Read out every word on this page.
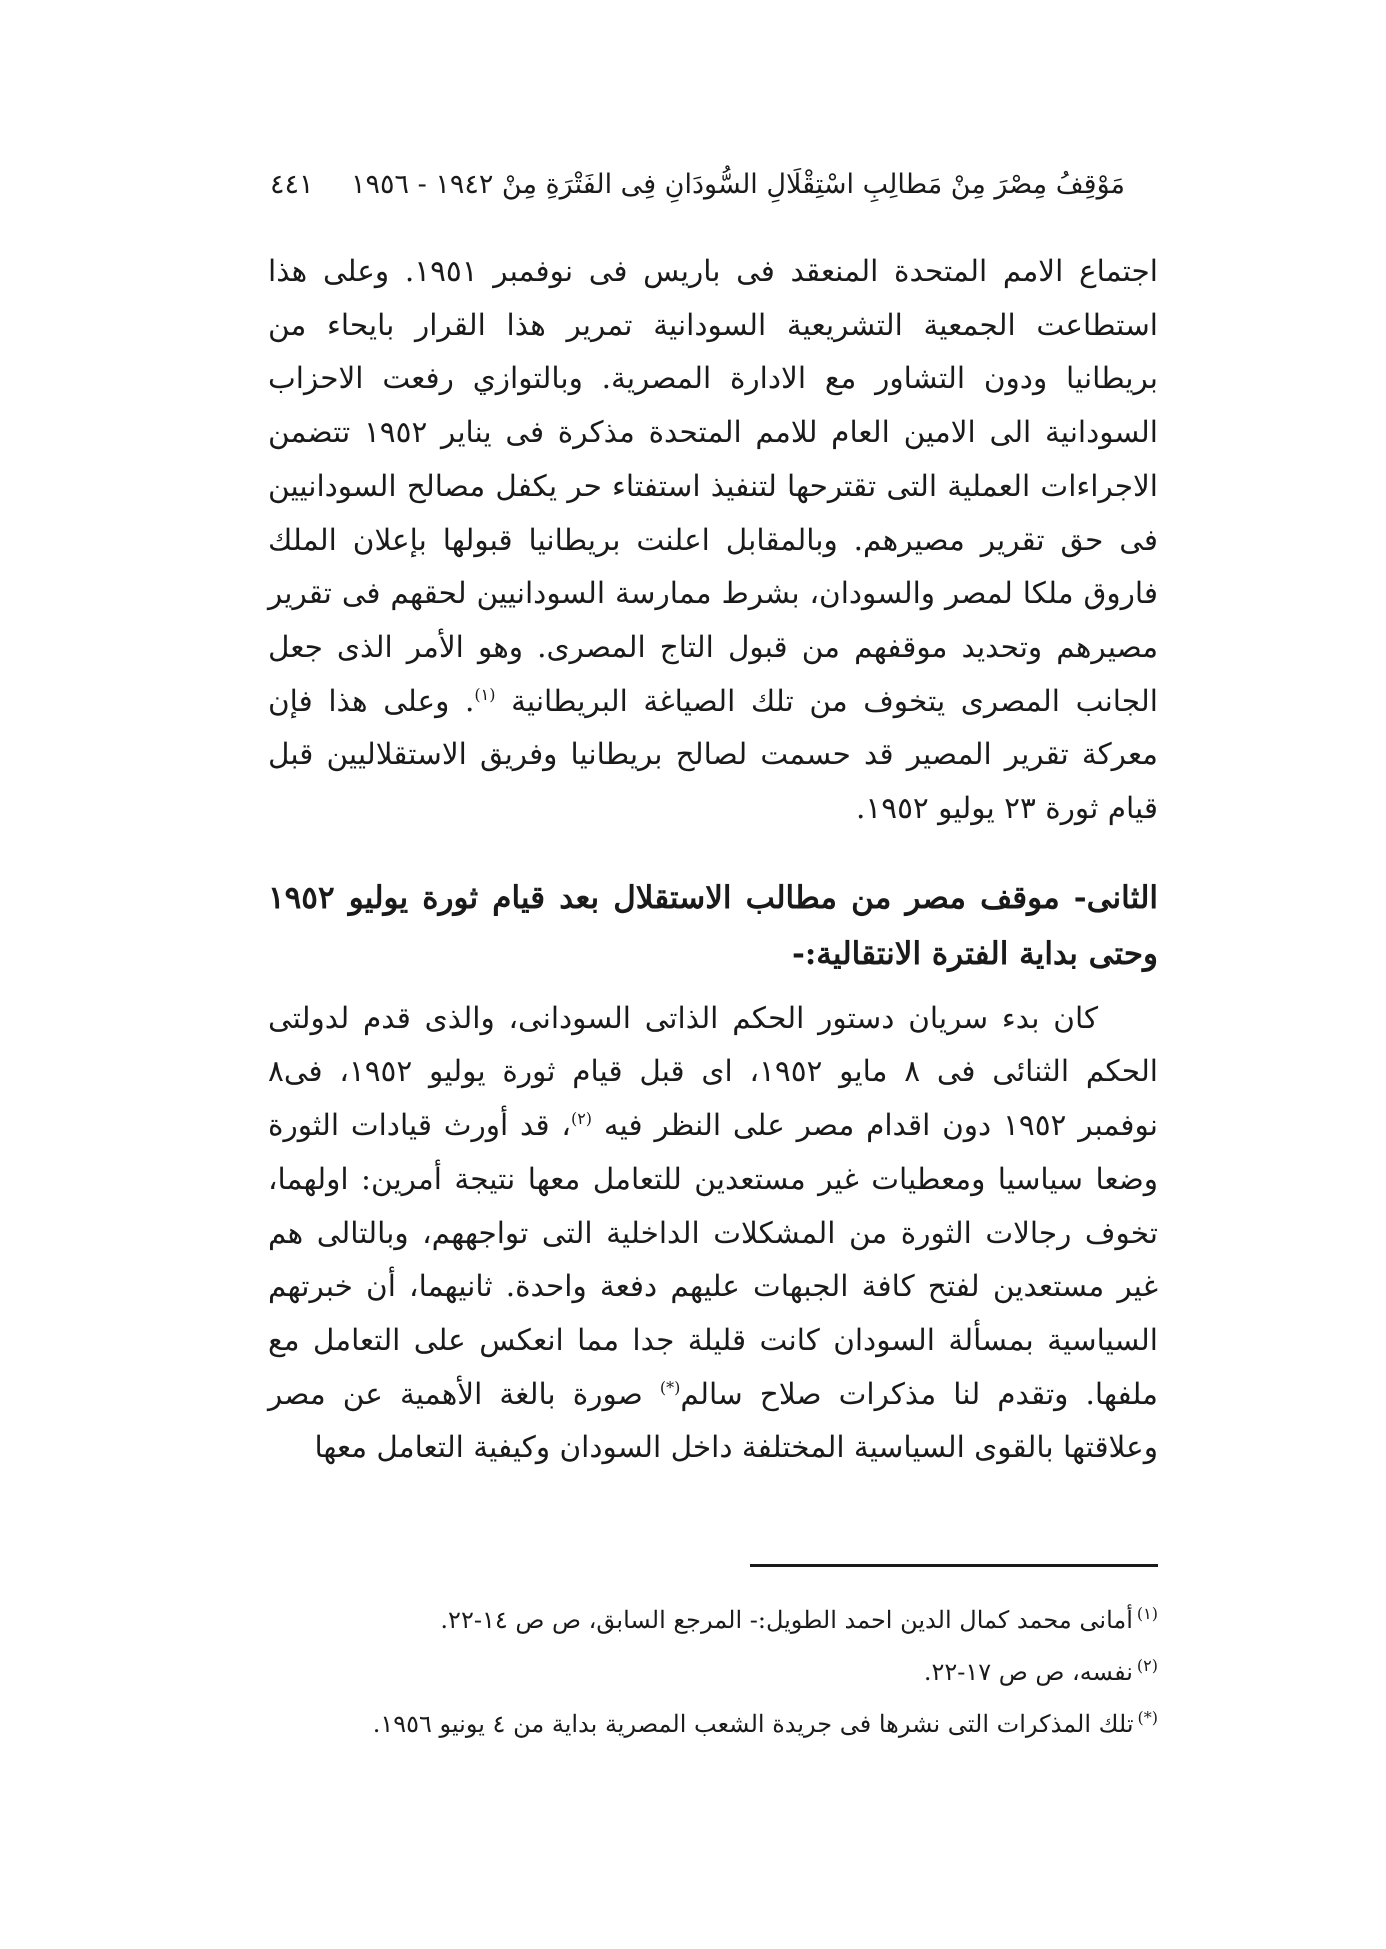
مَوْقِفُ مِصْرَ مِنْ مَطالِبِ اسْتِقْلَالِ السُّودَانِ فِى الفَتْرَةِ مِنْ ١٩٤٢ - ١٩٥٦
٤٤١

اجتماع الامم المتحدة المنعقد فى باريس فى نوفمبر ١٩٥١. وعلى هذا استطاعت الجمعية التشريعية السودانية تمرير هذا القرار بايحاء من بريطانيا ودون التشاور مع الادارة المصرية. وبالتوازي رفعت الاحزاب السودانية الى الامين العام للامم المتحدة مذكرة فى يناير ١٩٥٢ تتضمن الاجراءات العملية التى تقترحها لتنفيذ استفتاء حر يكفل مصالح السودانيين فى حق تقرير مصيرهم. وبالمقابل اعلنت بريطانيا قبولها بإعلان الملك فاروق ملكا لمصر والسودان، بشرط ممارسة السودانيين لحقهم فى تقرير مصيرهم وتحديد موقفهم من قبول التاج المصرى. وهو الأمر الذى جعل الجانب المصرى يتخوف من تلك الصياغة البريطانية $^{(١)}$. وعلى هذا فإن معركة تقرير المصير قد حسمت لصالح بريطانيا وفريق الاستقلاليين قبل قيام ثورة ٢٣ يوليو ١٩٥٢.

الثانى- موقف مصر من مطالب الاستقلال بعد قيام ثورة يوليو ١٩٥٢ وحتى بداية الفترة الانتقالية:-

كان بدء سريان دستور الحكم الذاتى السودانى، والذى قدم لدولتى الحكم الثنائى فى ٨ مايو ١٩٥٢، اى قبل قيام ثورة يوليو ١٩٥٢، فى٨ نوفمبر ١٩٥٢ دون اقدام مصر على النظر فيه $^{(٢)}$، قد أورث قيادات الثورة وضعا سياسيا ومعطيات غير مستعدين للتعامل معها نتيجة أمرين: اولهما، تخوف رجالات الثورة من المشكلات الداخلية التى تواجههم، وبالتالى هم غير مستعدين لفتح كافة الجبهات عليهم دفعة واحدة. ثانيهما، أن خبرتهم السياسية بمسألة السودان كانت قليلة جدا مما انعكس على التعامل مع ملفها. وتقدم لنا مذكرات صلاح سالم(*) صورة بالغة الأهمية عن مصر وعلاقتها بالقوى السياسية المختلفة داخل السودان وكيفية التعامل معها

$^{(١)}$أمانى محمد كمال الدين احمد الطويل:- المرجع السابق، ص ص ١٤-٢٢.

$^{(٢)}$نفسه، ص ص ١٧-٢٢.

(*)تلك المذكرات التى نشرها فى جريدة الشعب المصرية بداية من ٤ يونيو ١٩٥٦.
